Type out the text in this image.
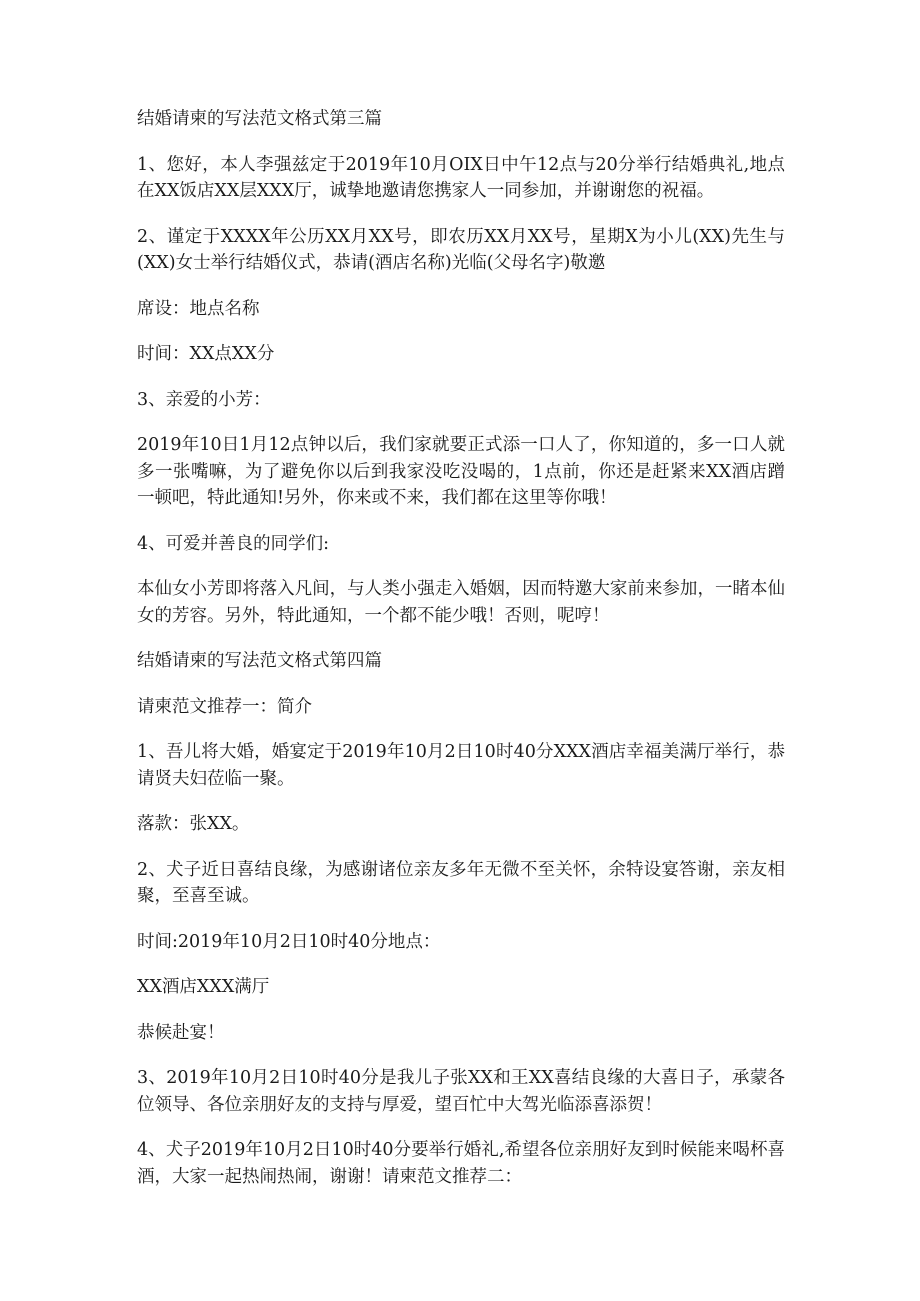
结婚请柬的写法范文格式第三篇

1、您好，本人李强兹定于2019年10月OIX日中午12点与20分举行结婚典礼,地点在XX饭店XX层XXX厅，诚挚地邀请您携家人一同参加，并谢谢您的祝福。

2、谨定于XXXX年公历XX月XX号，即农历XX月XX号，星期X为小儿(XX)先生与(XX)女士举行结婚仪式，恭请(酒店名称)光临(父母名字)敬邀

席设：地点名称

时间：XX点XX分

3、亲爱的小芳：

2019年10日1月12点钟以后，我们家就要正式添一口人了，你知道的，多一口人就多一张嘴嘛，为了避免你以后到我家没吃没喝的，1点前，你还是赶紧来XX酒店蹭一顿吧，特此通知!另外，你来或不来，我们都在这里等你哦！

4、可爱并善良的同学们:

本仙女小芳即将落入凡间，与人类小强走入婚姻，因而特邀大家前来参加，一睹本仙女的芳容。另外，特此通知，一个都不能少哦！否则，呢哼！

结婚请柬的写法范文格式第四篇

请柬范文推荐一：简介

1、吾儿将大婚，婚宴定于2019年10月2日10时40分XXX酒店幸福美满厅举行，恭请贤夫妇莅临一聚。

落款：张XX。

2、犬子近日喜结良缘，为感谢诸位亲友多年无微不至关怀，余特设宴答谢，亲友相聚，至喜至诚。

时间:2019年10月2日10时40分地点：

XX酒店XXX满厅

恭候赴宴！

3、2019年10月2日10时40分是我儿子张XX和王XX喜结良缘的大喜日子，承蒙各位领导、各位亲朋好友的支持与厚爱，望百忙中大驾光临添喜添贺！

4、犬子2019年10月2日10时40分要举行婚礼,希望各位亲朋好友到时候能来喝杯喜酒，大家一起热闹热闹，谢谢！请柬范文推荐二：
